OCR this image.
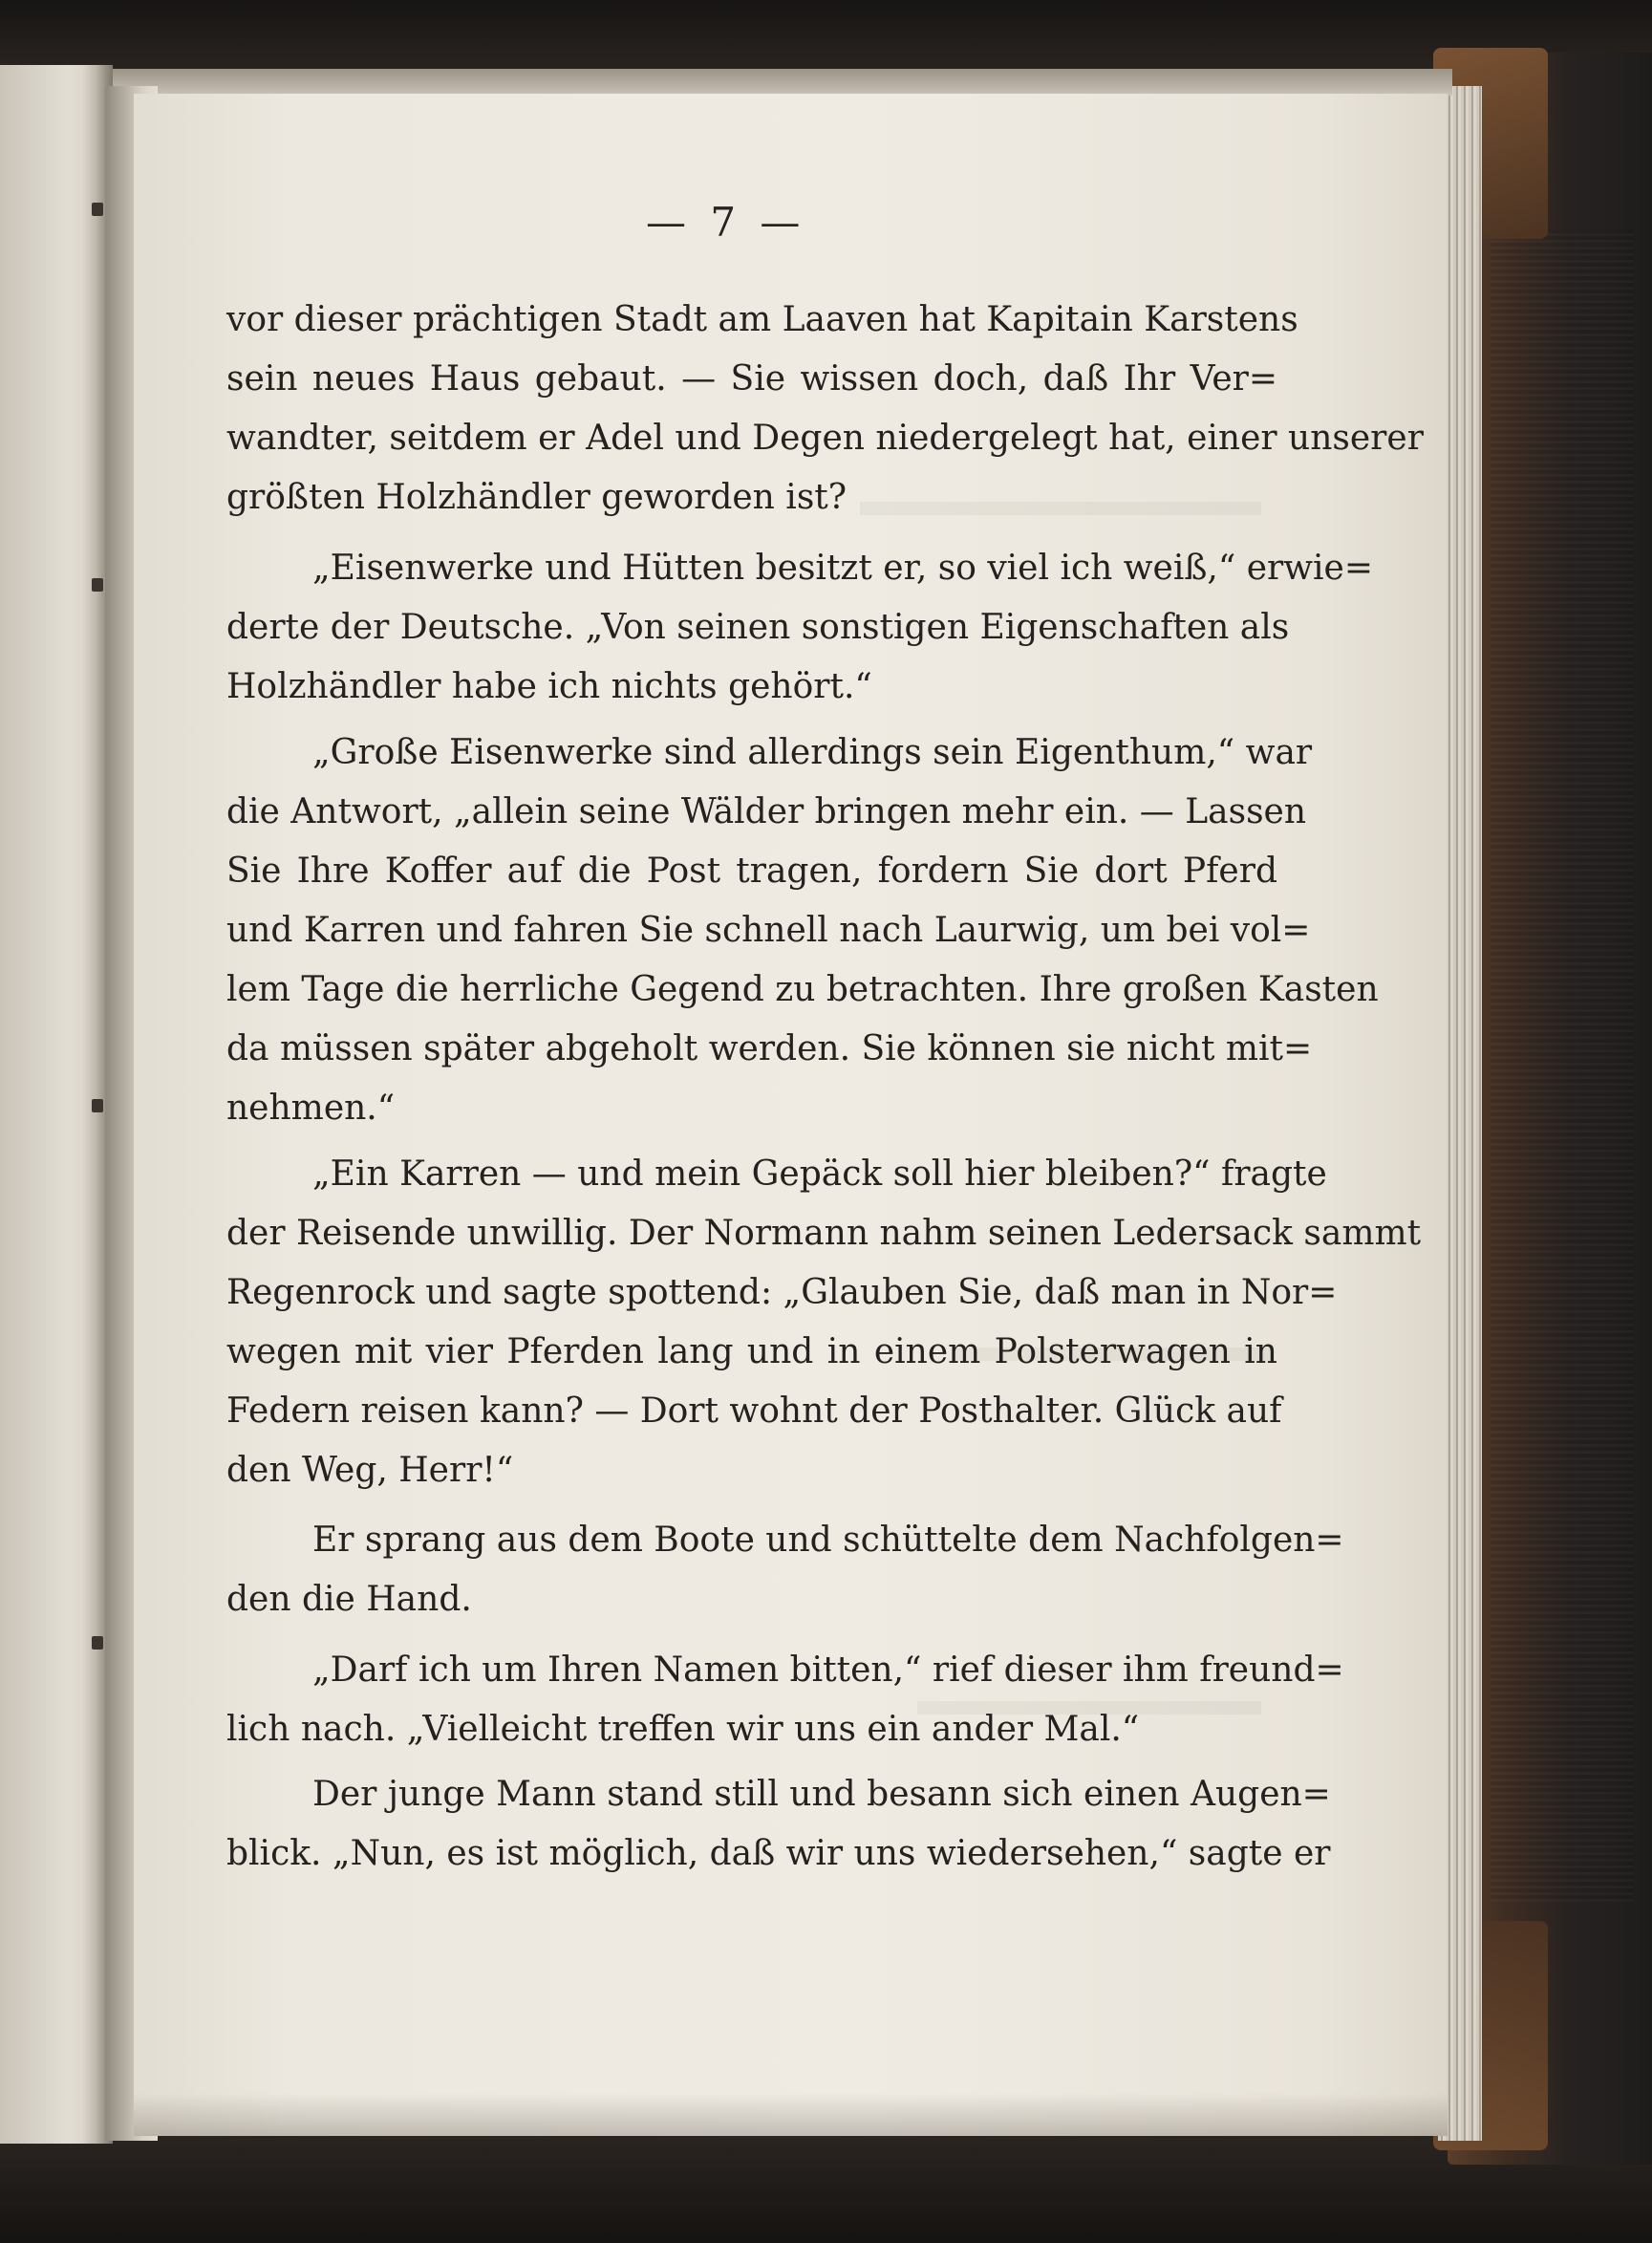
— 7 —
vor dieser prächtigen Stadt am Laaven hat Kapitain Karstens
sein neues Haus gebaut. — Sie wissen doch, daß Ihr Ver=
wandter, seitdem er Adel und Degen niedergelegt hat, einer unserer
größten Holzhändler geworden ist?
„Eisenwerke und Hütten besitzt er, so viel ich weiß,“ erwie=
derte der Deutsche. „Von seinen sonstigen Eigenschaften als
Holzhändler habe ich nichts gehört.“
„Große Eisenwerke sind allerdings sein Eigenthum,“ war
die Antwort, „allein seine Wälder bringen mehr ein. — Lassen
Sie Ihre Koffer auf die Post tragen, fordern Sie dort Pferd
und Karren und fahren Sie schnell nach Laurwig, um bei vol=
lem Tage die herrliche Gegend zu betrachten. Ihre großen Kasten
da müssen später abgeholt werden. Sie können sie nicht mit=
nehmen.“
„Ein Karren — und mein Gepäck soll hier bleiben?“ fragte
der Reisende unwillig. Der Normann nahm seinen Ledersack sammt
Regenrock und sagte spottend: „Glauben Sie, daß man in Nor=
wegen mit vier Pferden lang und in einem Polsterwagen in
Federn reisen kann? — Dort wohnt der Posthalter. Glück auf
den Weg, Herr!“
Er sprang aus dem Boote und schüttelte dem Nachfolgen=
den die Hand.
„Darf ich um Ihren Namen bitten,“ rief dieser ihm freund=
lich nach. „Vielleicht treffen wir uns ein ander Mal.“
Der junge Mann stand still und besann sich einen Augen=
blick. „Nun, es ist möglich, daß wir uns wiedersehen,“ sagte er
